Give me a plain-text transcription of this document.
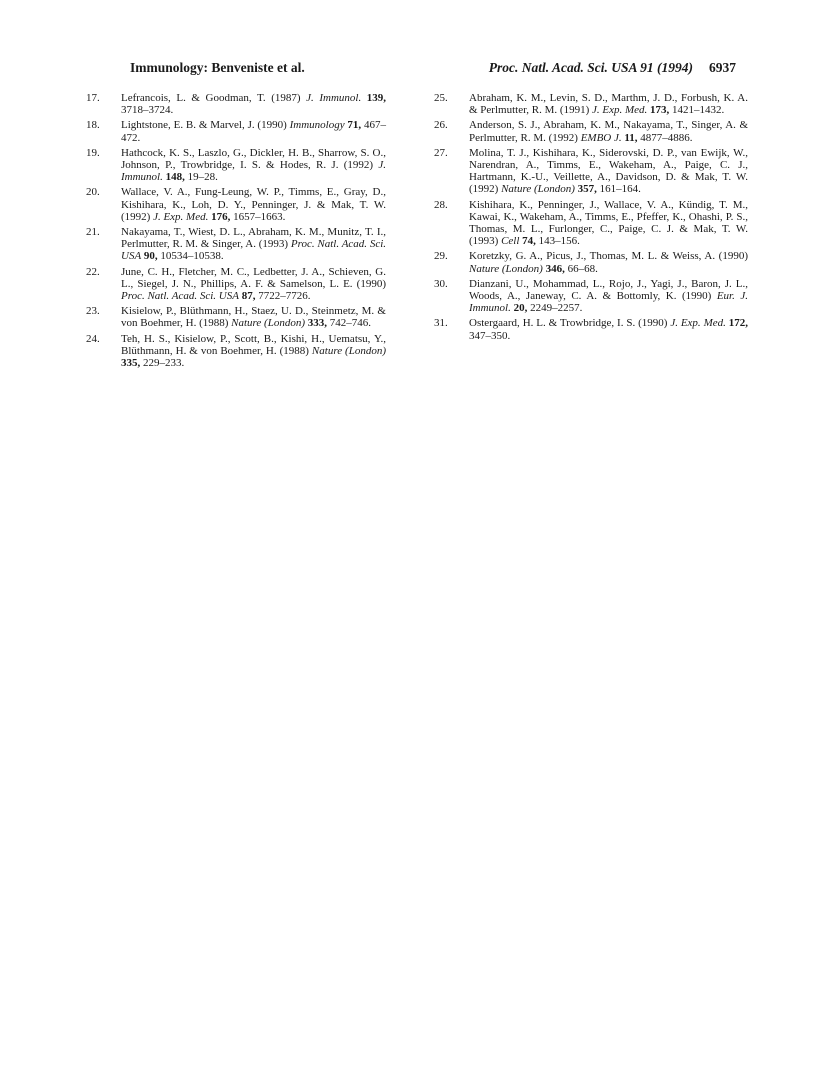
Immunology: Benveniste et al.	Proc. Natl. Acad. Sci. USA 91 (1994) 6937
17. Lefrancois, L. & Goodman, T. (1987) J. Immunol. 139, 3718–3724.
18. Lightstone, E. B. & Marvel, J. (1990) Immunology 71, 467–472.
19. Hathcock, K. S., Laszlo, G., Dickler, H. B., Sharrow, S. O., Johnson, P., Trowbridge, I. S. & Hodes, R. J. (1992) J. Immunol. 148, 19–28.
20. Wallace, V. A., Fung-Leung, W. P., Timms, E., Gray, D., Kishihara, K., Loh, D. Y., Penninger, J. & Mak, T. W. (1992) J. Exp. Med. 176, 1657–1663.
21. Nakayama, T., Wiest, D. L., Abraham, K. M., Munitz, T. I., Perlmutter, R. M. & Singer, A. (1993) Proc. Natl. Acad. Sci. USA 90, 10534–10538.
22. June, C. H., Fletcher, M. C., Ledbetter, J. A., Schieven, G. L., Siegel, J. N., Phillips, A. F. & Samelson, L. E. (1990) Proc. Natl. Acad. Sci. USA 87, 7722–7726.
23. Kisielow, P., Blüthmann, H., Staez, U. D., Steinmetz, M. & von Boehmer, H. (1988) Nature (London) 333, 742–746.
24. Teh, H. S., Kisielow, P., Scott, B., Kishi, H., Uematsu, Y., Blüthmann, H. & von Boehmer, H. (1988) Nature (London) 335, 229–233.
25. Abraham, K. M., Levin, S. D., Marthm, J. D., Forbush, K. A. & Perlmutter, R. M. (1991) J. Exp. Med. 173, 1421–1432.
26. Anderson, S. J., Abraham, K. M., Nakayama, T., Singer, A. & Perlmutter, R. M. (1992) EMBO J. 11, 4877–4886.
27. Molina, T. J., Kishihara, K., Siderovski, D. P., van Ewijk, W., Narendran, A., Timms, E., Wakeham, A., Paige, C. J., Hartmann, K.-U., Veillette, A., Davidson, D. & Mak, T. W. (1992) Nature (London) 357, 161–164.
28. Kishihara, K., Penninger, J., Wallace, V. A., Kündig, T. M., Kawai, K., Wakeham, A., Timms, E., Pfeffer, K., Ohashi, P. S., Thomas, M. L., Furlonger, C., Paige, C. J. & Mak, T. W. (1993) Cell 74, 143–156.
29. Koretzky, G. A., Picus, J., Thomas, M. L. & Weiss, A. (1990) Nature (London) 346, 66–68.
30. Dianzani, U., Mohammad, L., Rojo, J., Yagi, J., Baron, J. L., Woods, A., Janeway, C. A. & Bottomly, K. (1990) Eur. J. Immunol. 20, 2249–2257.
31. Ostergaard, H. L. & Trowbridge, I. S. (1990) J. Exp. Med. 172, 347–350.
